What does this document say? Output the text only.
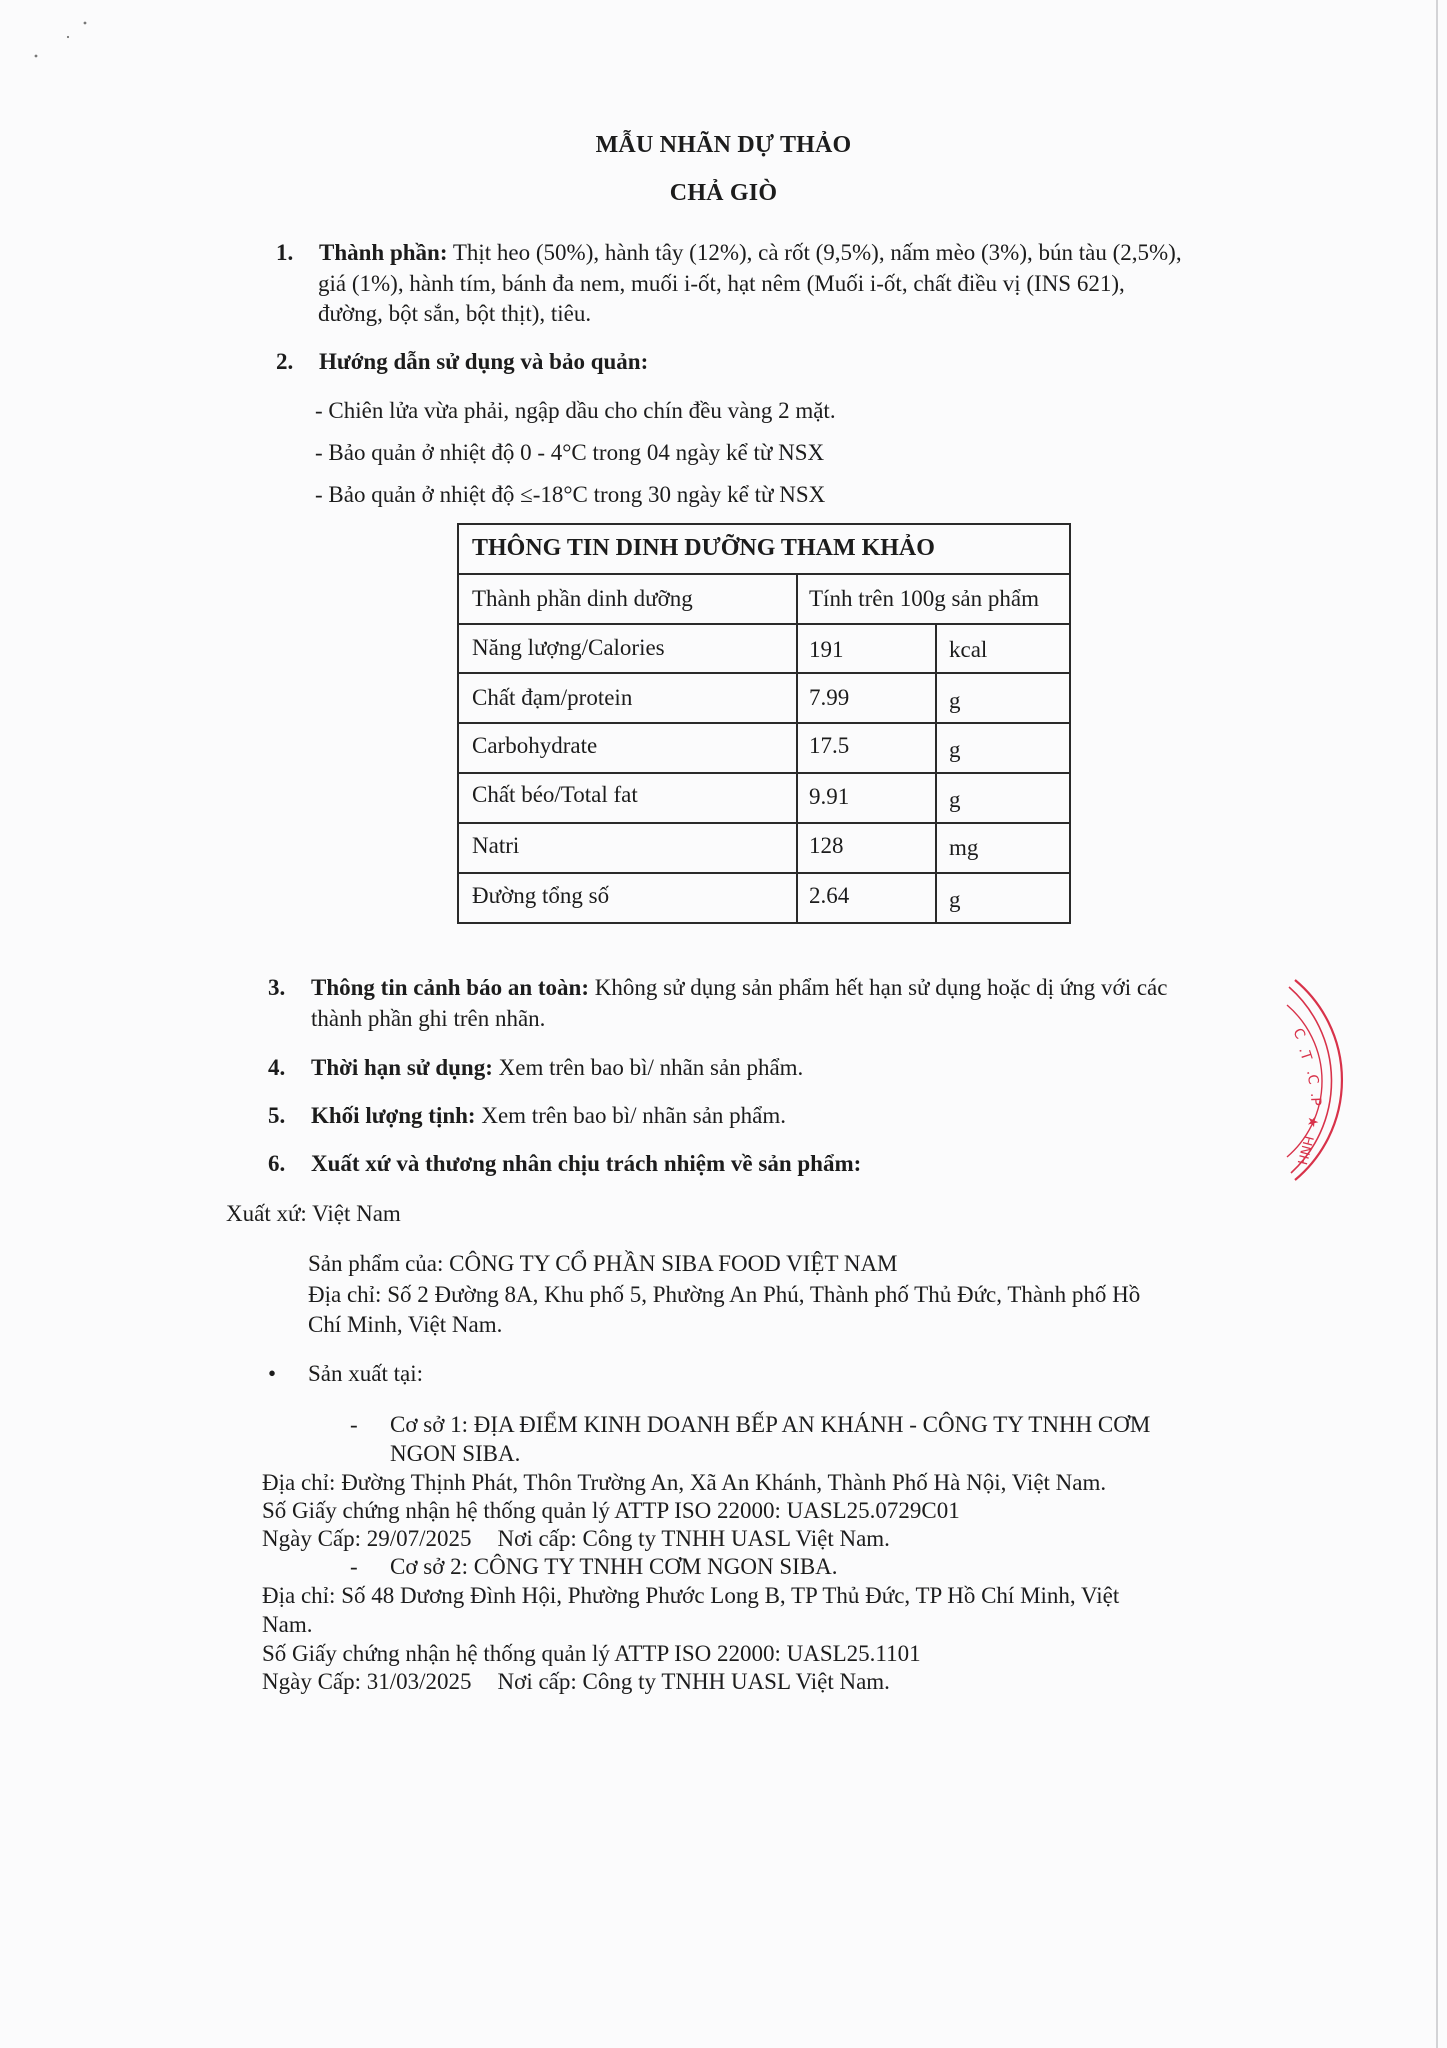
MẪU NHÃN DỰ THẢO
CHẢ GIÒ
1.	Thành phần: Thịt heo (50%), hành tây (12%), cà rốt (9,5%), nấm mèo (3%), bún tàu (2,5%),
giá (1%), hành tím, bánh đa nem, muối i-ốt, hạt nêm (Muối i-ốt, chất điều vị (INS 621),
đường, bột sắn, bột thịt), tiêu.
2.	Hướng dẫn sử dụng và bảo quản:
- Chiên lửa vừa phải, ngập dầu cho chín đều vàng 2 mặt.
- Bảo quản ở nhiệt độ 0 - 4°C trong 04 ngày kể từ NSX
- Bảo quản ở nhiệt độ ≤-18°C trong 30 ngày kể từ NSX
THÔNG TIN DINH DƯỠNG THAM KHẢO
Thành phần dinh dưỡng	Tính trên 100g sản phẩm
Năng lượng/Calories	191	kcal
Chất đạm/protein	7.99	g
Carbohydrate	17.5	g
Chất béo/Total fat	9.91	g
Natri	128	mg
Đường tổng số	2.64	g
3.	Thông tin cảnh báo an toàn: Không sử dụng sản phẩm hết hạn sử dụng hoặc dị ứng với các
thành phần ghi trên nhãn.
4.	Thời hạn sử dụng: Xem trên bao bì/ nhãn sản phẩm.
5.	Khối lượng tịnh: Xem trên bao bì/ nhãn sản phẩm.
6.	Xuất xứ và thương nhân chịu trách nhiệm về sản phẩm:
Xuất xứ: Việt Nam
Sản phẩm của: CÔNG TY CỔ PHẦN SIBA FOOD VIỆT NAM
Địa chỉ: Số 2 Đường 8A, Khu phố 5, Phường An Phú, Thành phố Thủ Đức, Thành phố Hồ
Chí Minh, Việt Nam.
•	Sản xuất tại:
-	Cơ sở 1: ĐỊA ĐIỂM KINH DOANH BẾP AN KHÁNH - CÔNG TY TNHH CƠM
NGON SIBA.
Địa chỉ: Đường Thịnh Phát, Thôn Trường An, Xã An Khánh, Thành Phố Hà Nội, Việt Nam.
Số Giấy chứng nhận hệ thống quản lý ATTP ISO 22000: UASL25.0729C01
Ngày Cấp: 29/07/2025 Nơi cấp: Công ty TNHH UASL Việt Nam.
-	Cơ sở 2: CÔNG TY TNHH CƠM NGON SIBA.
Địa chỉ: Số 48 Dương Đình Hội, Phường Phước Long B, TP Thủ Đức, TP Hồ Chí Minh, Việt
Nam.
Số Giấy chứng nhận hệ thống quản lý ATTP ISO 22000: UASL25.1101
Ngày Cấp: 31/03/2025 Nơi cấp: Công ty TNHH UASL Việt Nam.
C
.T
.C
.P
★
HNH
